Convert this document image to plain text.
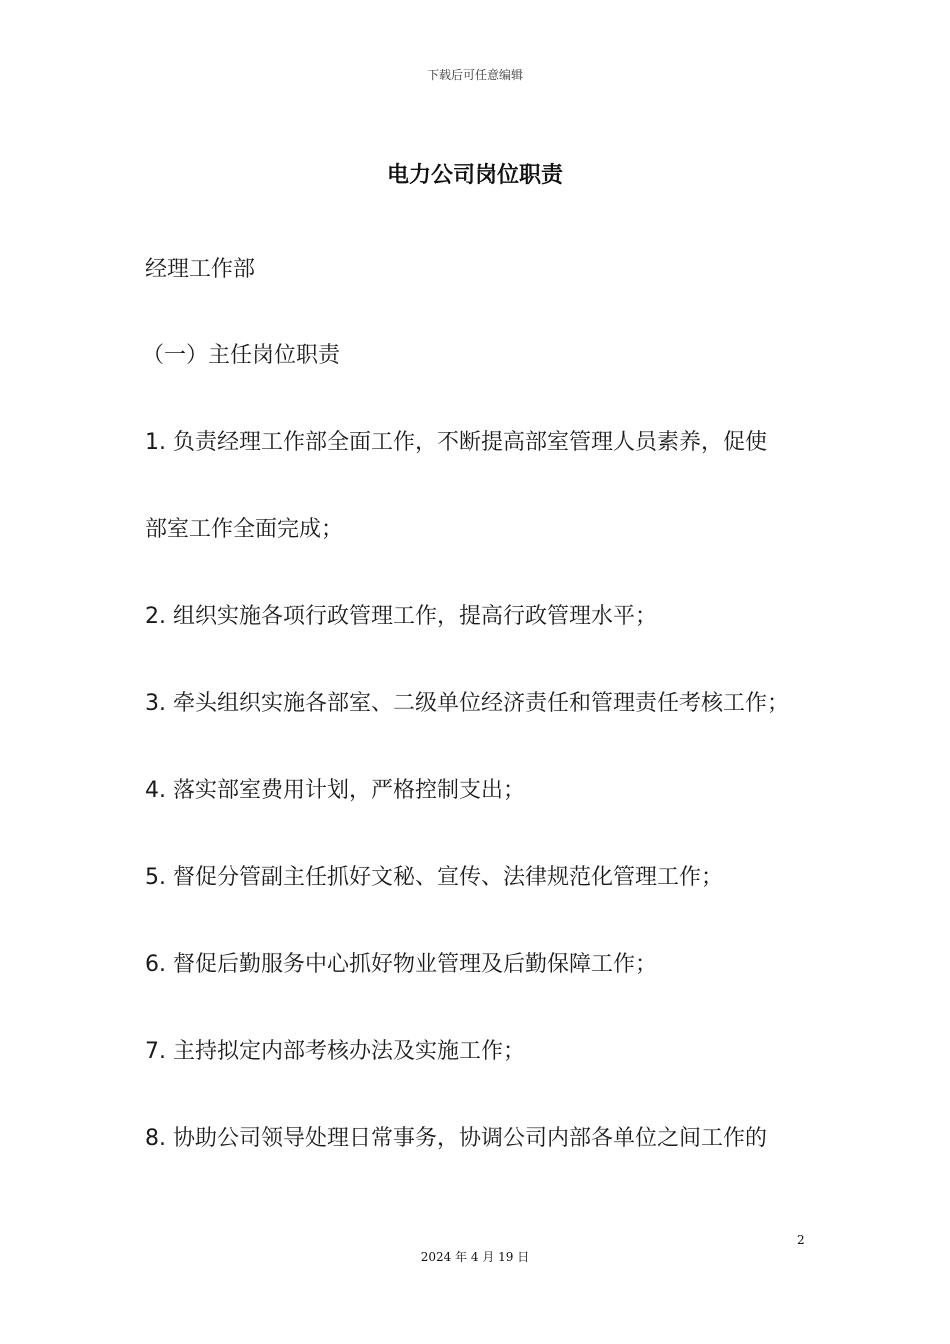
下载后可任意编辑
电力公司岗位职责
经理工作部
（一）主任岗位职责
1. 负责经理工作部全面工作，不断提高部室管理人员素养，促使
部室工作全面完成；
2. 组织实施各项行政管理工作，提高行政管理水平；
3. 牵头组织实施各部室、二级单位经济责任和管理责任考核工作；
4. 落实部室费用计划，严格控制支出；
5. 督促分管副主任抓好文秘、宣传、法律规范化管理工作；
6. 督促后勤服务中心抓好物业管理及后勤保障工作；
7. 主持拟定内部考核办法及实施工作；
8. 协助公司领导处理日常事务，协调公司内部各单位之间工作的
2
2024 年 4 月 19 日
